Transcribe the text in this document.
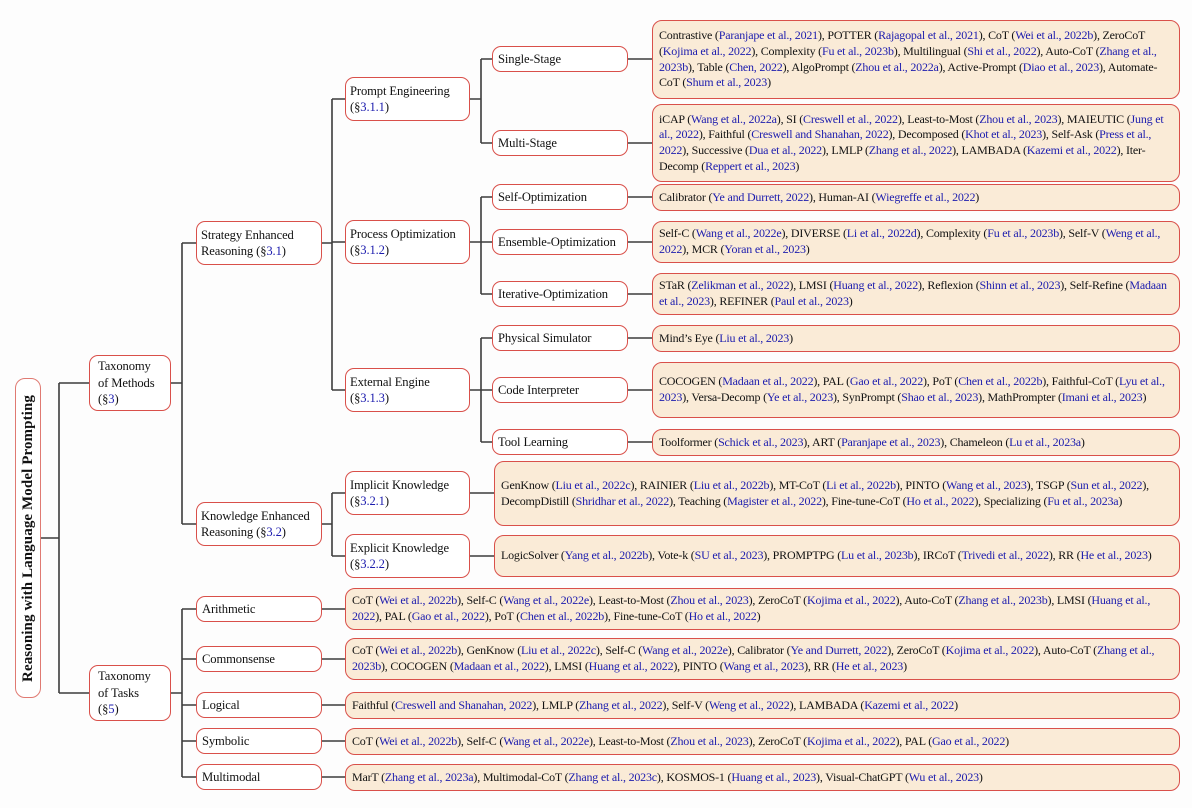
Reasoning with Language Model Prompting
Taxonomy of Methods (§3)
Taxonomy of Tasks (§5)
Strategy Enhanced Reasoning (§3.1)
Knowledge Enhanced Reasoning (§3.2)
Prompt Engineering (§3.1.1)
Process Optimization (§3.1.2)
External Engine (§3.1.3)
Implicit Knowledge (§3.2.1)
Explicit Knowledge (§3.2.2)
Single-Stage
Multi-Stage
Self-Optimization
Ensemble-Optimization
Iterative-Optimization
Physical Simulator
Code Interpreter
Tool Learning
Arithmetic
Commonsense
Logical
Symbolic
Multimodal
Contrastive (Paranjape et al., 2021), POTTER (Rajagopal et al., 2021), CoT (Wei et al., 2022b), ZeroCoT (Kojima et al., 2022), Complexity (Fu et al., 2023b), Multilingual (Shi et al., 2022), Auto-CoT (Zhang et al., 2023b), Table (Chen, 2022), AlgoPrompt (Zhou et al., 2022a), Active-Prompt (Diao et al., 2023), Automate-CoT (Shum et al., 2023)
iCAP (Wang et al., 2022a), SI (Creswell et al., 2022), Least-to-Most (Zhou et al., 2023), MAIEUTIC (Jung et al., 2022), Faithful (Creswell and Shanahan, 2022), Decomposed (Khot et al., 2023), Self-Ask (Press et al., 2022), Successive (Dua et al., 2022), LMLP (Zhang et al., 2022), LAMBADA (Kazemi et al., 2022), Iter-Decomp (Reppert et al., 2023)
Calibrator (Ye and Durrett, 2022), Human-AI (Wiegreffe et al., 2022)
Self-C (Wang et al., 2022e), DIVERSE (Li et al., 2022d), Complexity (Fu et al., 2023b), Self-V (Weng et al., 2022), MCR (Yoran et al., 2023)
STaR (Zelikman et al., 2022), LMSI (Huang et al., 2022), Reflexion (Shinn et al., 2023), Self-Refine (Madaan et al., 2023), REFINER (Paul et al., 2023)
Mind’s Eye (Liu et al., 2023)
COCOGEN (Madaan et al., 2022), PAL (Gao et al., 2022), PoT (Chen et al., 2022b), Faithful-CoT (Lyu et al., 2023), Versa-Decomp (Ye et al., 2023), SynPrompt (Shao et al., 2023), MathPrompter (Imani et al., 2023)
Toolformer (Schick et al., 2023), ART (Paranjape et al., 2023), Chameleon (Lu et al., 2023a)
GenKnow (Liu et al., 2022c), RAINIER (Liu et al., 2022b), MT-CoT (Li et al., 2022b), PINTO (Wang et al., 2023), TSGP (Sun et al., 2022), DecompDistill (Shridhar et al., 2022), Teaching (Magister et al., 2022), Fine-tune-CoT (Ho et al., 2022), Specializing (Fu et al., 2023a)
LogicSolver (Yang et al., 2022b), Vote-k (SU et al., 2023), PROMPTPG (Lu et al., 2023b), IRCoT (Trivedi et al., 2022), RR (He et al., 2023)
CoT (Wei et al., 2022b), Self-C (Wang et al., 2022e), Least-to-Most (Zhou et al., 2023), ZeroCoT (Kojima et al., 2022), Auto-CoT (Zhang et al., 2023b), LMSI (Huang et al., 2022), PAL (Gao et al., 2022), PoT (Chen et al., 2022b), Fine-tune-CoT (Ho et al., 2022)
CoT (Wei et al., 2022b), GenKnow (Liu et al., 2022c), Self-C (Wang et al., 2022e), Calibrator (Ye and Durrett, 2022), ZeroCoT (Kojima et al., 2022), Auto-CoT (Zhang et al., 2023b), COCOGEN (Madaan et al., 2022), LMSI (Huang et al., 2022), PINTO (Wang et al., 2023), RR (He et al., 2023)
Faithful (Creswell and Shanahan, 2022), LMLP (Zhang et al., 2022), Self-V (Weng et al., 2022), LAMBADA (Kazemi et al., 2022)
CoT (Wei et al., 2022b), Self-C (Wang et al., 2022e), Least-to-Most (Zhou et al., 2023), ZeroCoT (Kojima et al., 2022), PAL (Gao et al., 2022)
MarT (Zhang et al., 2023a), Multimodal-CoT (Zhang et al., 2023c), KOSMOS-1 (Huang et al., 2023), Visual-ChatGPT (Wu et al., 2023)
